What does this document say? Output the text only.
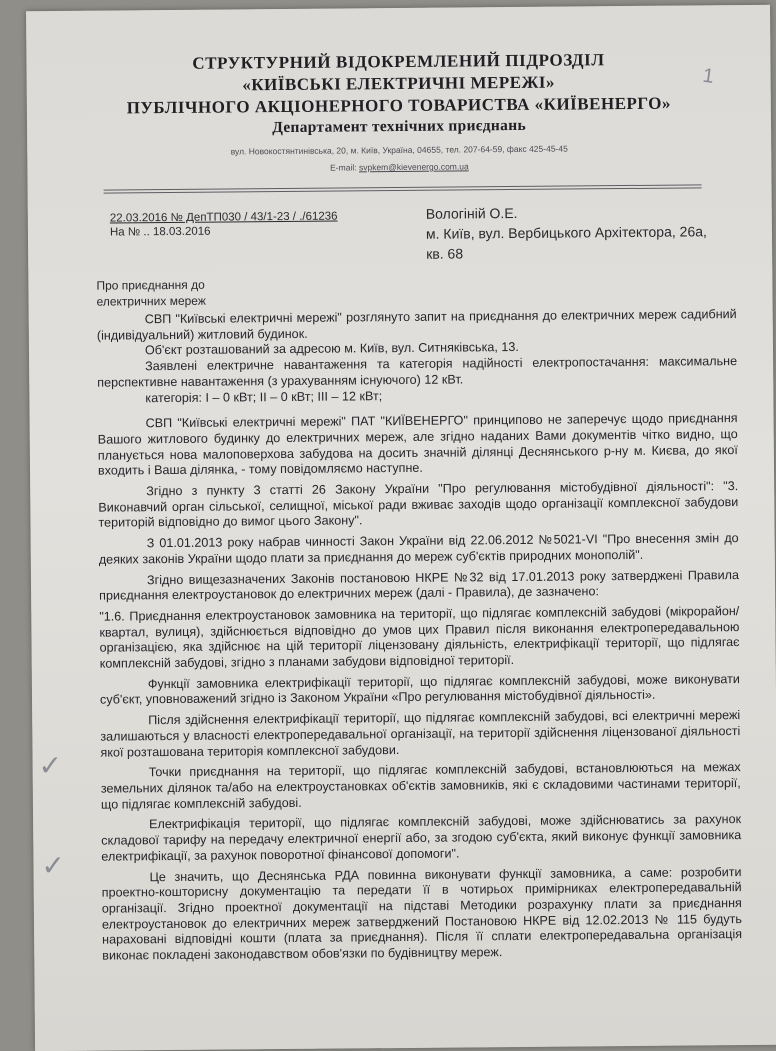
СТРУКТУРНИЙ ВІДОКРЕМЛЕНИЙ ПІДРОЗДІЛ
«КИЇВСЬКІ ЕЛЕКТРИЧНІ МЕРЕЖІ»
ПУБЛІЧНОГО АКЦІОНЕРНОГО ТОВАРИСТВА «КИЇВЕНЕРГО»
Департамент технічних приєднань
вул. Новокостянтинівська, 20, м. Київ, Україна, 04655, тел. 207-64-59, факс 425-45-45
E-mail: svpkem@kievenergo.com.ua
1
22.03.2016 № ДепТП030 / 43/1-23 / ./61236
На № .. 18.03.2016
Вологіній О.Е.
м. Київ, вул. Вербицького Архітектора, 26а,
кв. 68
Про приєднання до
електричних мереж
✓
✓

СВП "Київські електричні мережі" розглянуто запит на приєднання до електричних мереж садибний (індивідуальний) житловий будинок.

Об'єкт розташований за адресою м. Київ, вул. Ситняківська, 13.

Заявлені електричне навантаження та категорія надійності електропостачання: максимальне перспективне навантаження (з урахуванням існуючого) 12 кВт.

категорія: І – 0 кВт; ІІ – 0 кВт; ІІІ – 12 кВт;

СВП "Київські електричні мережі" ПАТ "КИЇВЕНЕРГО" принципово не заперечує щодо приєднання Вашого житлового будинку до електричних мереж, але згідно наданих Вами документів чітко видно, що планується нова малоповерхова забудова на досить значній ділянці Деснянського р-ну м. Києва, до якої входить і Ваша ділянка, - тому повідомляємо наступне.

Згідно з пункту 3 статті 26 Закону України "Про регулювання містобудівної діяльності": "3. Виконавчий орган сільської, селищної, міської ради вживає заходів щодо організації комплексної забудови територій відповідно до вимог цього Закону".

З 01.01.2013 року набрав чинності Закон України від 22.06.2012 №5021-VI "Про внесення змін до деяких законів України щодо плати за приєднання до мереж суб'єктів природних монополій".

Згідно вищезазначених Законів постановою НКРЕ №32 від 17.01.2013 року затверджені Правила приєднання електроустановок до електричних мереж (далі - Правила), де зазначено:

"1.6. Приєднання електроустановок замовника на території, що підлягає комплексній забудові (мікрорайон/квартал, вулиця), здійснюється відповідно до умов цих Правил після виконання електропередавальною організацією, яка здійснює на цій території ліцензовану діяльність, електрифікації території, що підлягає комплексній забудові, згідно з планами забудови відповідної території.

Функції замовника електрифікації території, що підлягає комплексній забудові, може виконувати суб'єкт, уповноважений згідно із Законом України «Про регулювання містобудівної діяльності».

Після здійснення електрифікації території, що підлягає комплексній забудові, всі електричні мережі залишаються у власності електропередавальної організації, на території здійснення ліцензованої діяльності якої розташована територія комплексної забудови.

Точки приєднання на території, що підлягає комплексній забудові, встановлюються на межах земельних ділянок та/або на електроустановках об'єктів замовників, які є складовими частинами території, що підлягає комплексній забудові.

Електрифікація території, що підлягає комплексній забудові, може здійснюватись за рахунок складової тарифу на передачу електричної енергії або, за згодою суб'єкта, який виконує функції замовника електрифікації, за рахунок поворотної фінансової допомоги".

Це значить, що Деснянська РДА повинна виконувати функції замовника, а саме: розробити проектно-кошторисну документацію та передати її в чотирьох примірниках електропередавальній організації. Згідно проектної документації на підставі Методики розрахунку плати за приєднання електроустановок до електричних мереж затверджений Постановою НКРЕ від 12.02.2013 № 115 будуть нараховані відповідні кошти (плата за приєднання). Після її сплати електропередавальна організація виконає покладені законодавством обов'язки по будівництву мереж.
